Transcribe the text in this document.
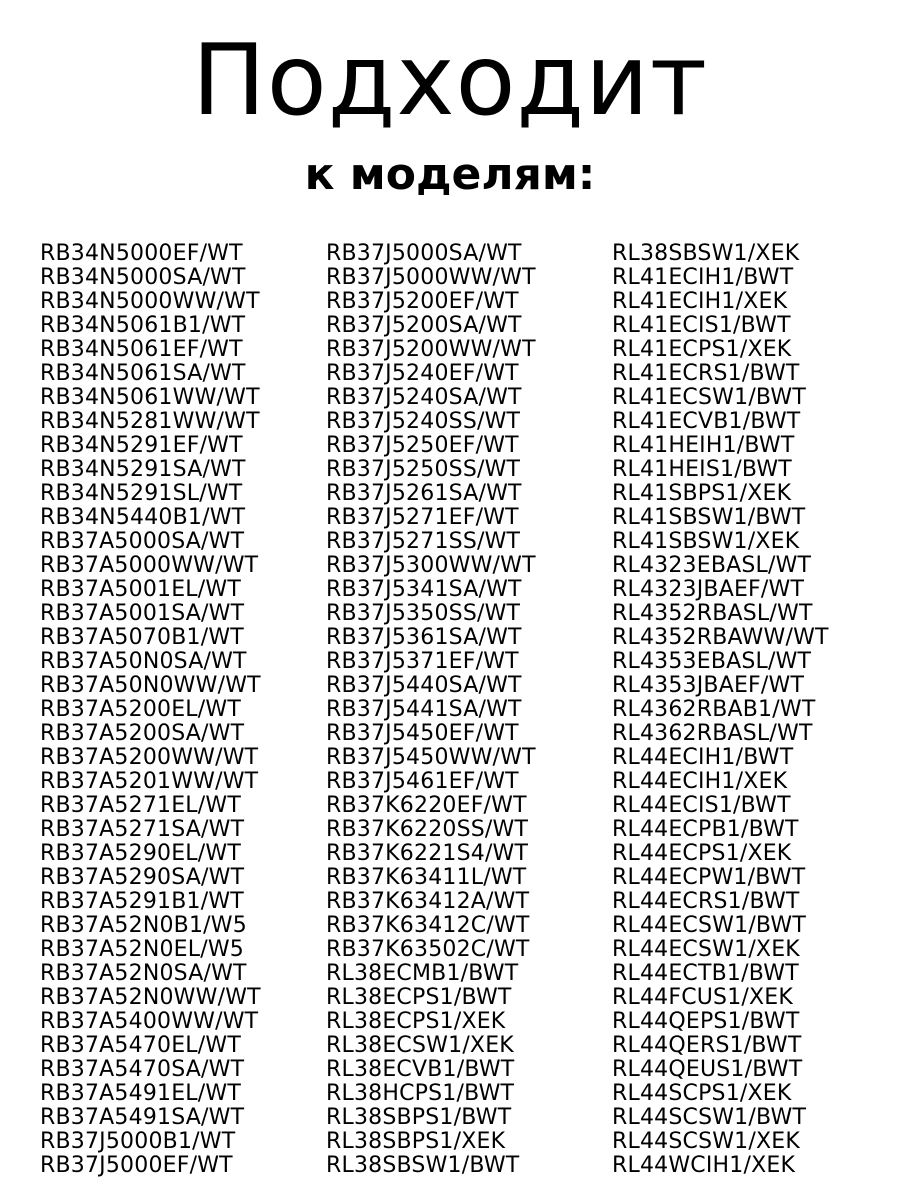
Подходит
к моделям:
RB34N5000EF/WT
RB34N5000SA/WT
RB34N5000WW/WT
RB34N5061B1/WT
RB34N5061EF/WT
RB34N5061SA/WT
RB34N5061WW/WT
RB34N5281WW/WT
RB34N5291EF/WT
RB34N5291SA/WT
RB34N5291SL/WT
RB34N5440B1/WT
RB37A5000SA/WT
RB37A5000WW/WT
RB37A5001EL/WT
RB37A5001SA/WT
RB37A5070B1/WT
RB37A50N0SA/WT
RB37A50N0WW/WT
RB37A5200EL/WT
RB37A5200SA/WT
RB37A5200WW/WT
RB37A5201WW/WT
RB37A5271EL/WT
RB37A5271SA/WT
RB37A5290EL/WT
RB37A5290SA/WT
RB37A5291B1/WT
RB37A52N0B1/W5
RB37A52N0EL/W5
RB37A52N0SA/WT
RB37A52N0WW/WT
RB37A5400WW/WT
RB37A5470EL/WT
RB37A5470SA/WT
RB37A5491EL/WT
RB37A5491SA/WT
RB37J5000B1/WT
RB37J5000EF/WT
RB37J5000SA/WT
RB37J5000WW/WT
RB37J5200EF/WT
RB37J5200SA/WT
RB37J5200WW/WT
RB37J5240EF/WT
RB37J5240SA/WT
RB37J5240SS/WT
RB37J5250EF/WT
RB37J5250SS/WT
RB37J5261SA/WT
RB37J5271EF/WT
RB37J5271SS/WT
RB37J5300WW/WT
RB37J5341SA/WT
RB37J5350SS/WT
RB37J5361SA/WT
RB37J5371EF/WT
RB37J5440SA/WT
RB37J5441SA/WT
RB37J5450EF/WT
RB37J5450WW/WT
RB37J5461EF/WT
RB37K6220EF/WT
RB37K6220SS/WT
RB37K6221S4/WT
RB37K63411L/WT
RB37K63412A/WT
RB37K63412C/WT
RB37K63502C/WT
RL38ECMB1/BWT
RL38ECPS1/BWT
RL38ECPS1/XEK
RL38ECSW1/XEK
RL38ECVB1/BWT
RL38HCPS1/BWT
RL38SBPS1/BWT
RL38SBPS1/XEK
RL38SBSW1/BWT
RL38SBSW1/XEK
RL41ECIH1/BWT
RL41ECIH1/XEK
RL41ECIS1/BWT
RL41ECPS1/XEK
RL41ECRS1/BWT
RL41ECSW1/BWT
RL41ECVB1/BWT
RL41HEIH1/BWT
RL41HEIS1/BWT
RL41SBPS1/XEK
RL41SBSW1/BWT
RL41SBSW1/XEK
RL4323EBASL/WT
RL4323JBAEF/WT
RL4352RBASL/WT
RL4352RBAWW/WT
RL4353EBASL/WT
RL4353JBAEF/WT
RL4362RBAB1/WT
RL4362RBASL/WT
RL44ECIH1/BWT
RL44ECIH1/XEK
RL44ECIS1/BWT
RL44ECPB1/BWT
RL44ECPS1/XEK
RL44ECPW1/BWT
RL44ECRS1/BWT
RL44ECSW1/BWT
RL44ECSW1/XEK
RL44ECTB1/BWT
RL44FCUS1/XEK
RL44QEPS1/BWT
RL44QERS1/BWT
RL44QEUS1/BWT
RL44SCPS1/XEK
RL44SCSW1/BWT
RL44SCSW1/XEK
RL44WCIH1/XEK
